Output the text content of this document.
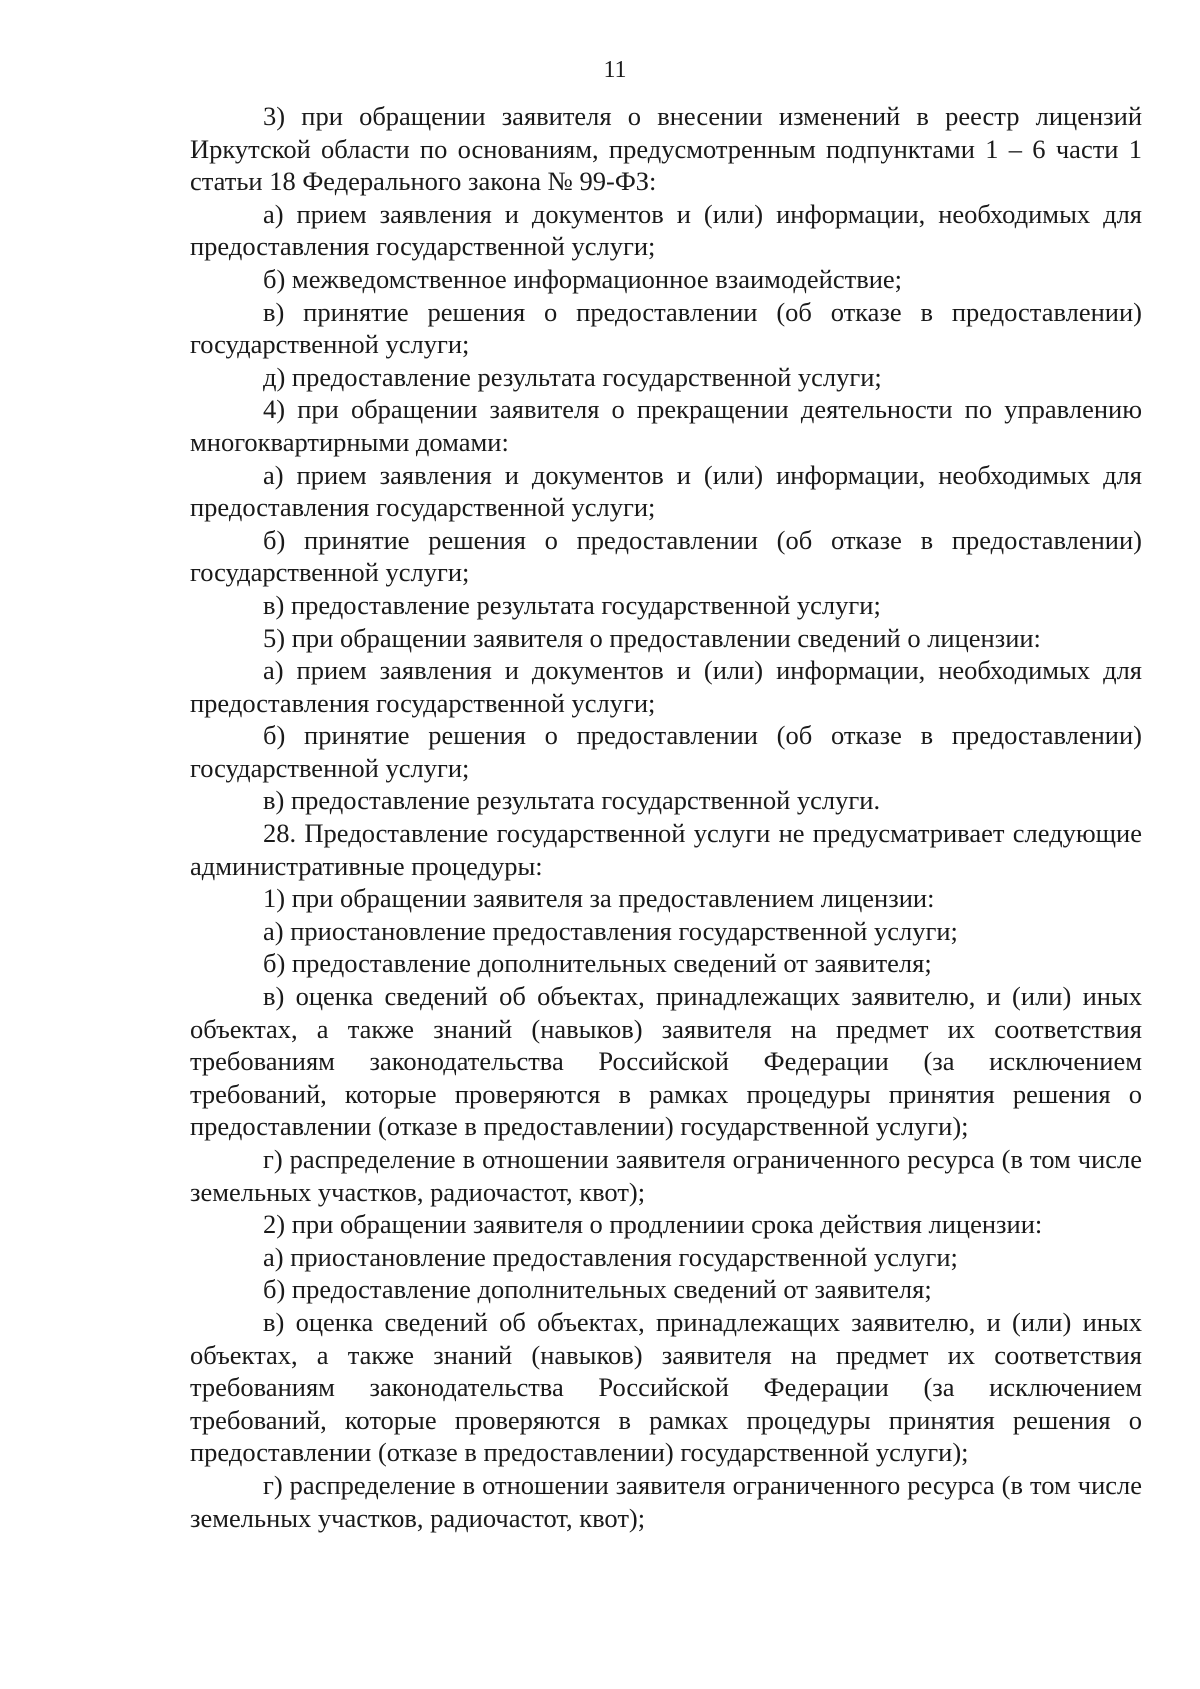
11

3) при обращении заявителя о внесении изменений в реестр лицензий Иркутской области по основаниям, предусмотренным подпунктами 1 – 6 части 1 статьи 18 Федерального закона № 99-ФЗ:

а) прием заявления и документов и (или) информации, необходимых для предоставления государственной услуги;

б) межведомственное информационное взаимодействие;

в) принятие решения о предоставлении (об отказе в предоставлении) государственной услуги;

д) предоставление результата государственной услуги;

4) при обращении заявителя о прекращении деятельности по управлению многоквартирными домами:

а) прием заявления и документов и (или) информации, необходимых для предоставления государственной услуги;

б) принятие решения о предоставлении (об отказе в предоставлении) государственной услуги;

в) предоставление результата государственной услуги;

5) при обращении заявителя о предоставлении сведений о лицензии:

а) прием заявления и документов и (или) информации, необходимых для предоставления государственной услуги;

б) принятие решения о предоставлении (об отказе в предоставлении) государственной услуги;

в) предоставление результата государственной услуги.

28. Предоставление государственной услуги не предусматривает следующие административные процедуры:

1) при обращении заявителя за предоставлением лицензии:

а) приостановление предоставления государственной услуги;

б) предоставление дополнительных сведений от заявителя;

в) оценка сведений об объектах, принадлежащих заявителю, и (или) иных объектах, а также знаний (навыков) заявителя на предмет их соответствия требованиям законодательства Российской Федерации (за исключением требований, которые проверяются в рамках процедуры принятия решения о предоставлении (отказе в предоставлении) государственной услуги);

г) распределение в отношении заявителя ограниченного ресурса (в том числе земельных участков, радиочастот, квот);

2) при обращении заявителя о продлениии срока действия лицензии:

а) приостановление предоставления государственной услуги;

б) предоставление дополнительных сведений от заявителя;

в) оценка сведений об объектах, принадлежащих заявителю, и (или) иных объектах, а также знаний (навыков) заявителя на предмет их соответствия требованиям законодательства Российской Федерации (за исключением требований, которые проверяются в рамках процедуры принятия решения о предоставлении (отказе в предоставлении) государственной услуги);

г) распределение в отношении заявителя ограниченного ресурса (в том числе земельных участков, радиочастот, квот);
